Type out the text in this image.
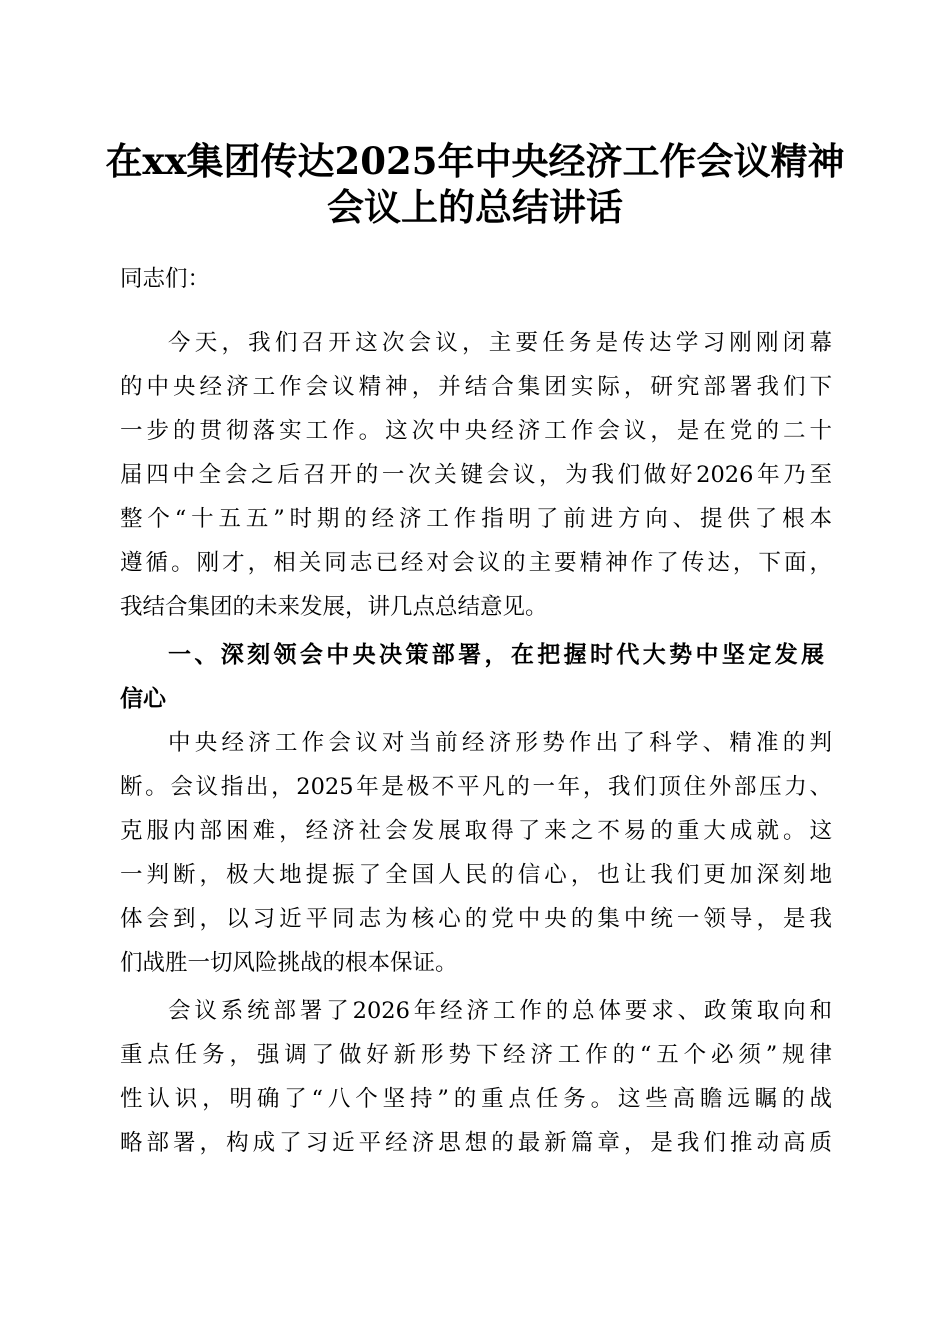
在xx集团传达2025年中央经济工作会议精神
会议上的总结讲话
同志们：
今天，我们召开这次会议，主要任务是传达学习刚刚闭幕
的中央经济工作会议精神，并结合集团实际，研究部署我们下
一步的贯彻落实工作。这次中央经济工作会议，是在党的二十
届四中全会之后召开的一次关键会议，为我们做好2026年乃至
整个“十五五”时期的经济工作指明了前进方向、提供了根本
遵循。刚才，相关同志已经对会议的主要精神作了传达，下面，
我结合集团的未来发展，讲几点总结意见。
一、深刻领会中央决策部署，在把握时代大势中坚定发展
信心
中央经济工作会议对当前经济形势作出了科学、精准的判
断。会议指出，2025年是极不平凡的一年，我们顶住外部压力、
克服内部困难，经济社会发展取得了来之不易的重大成就。这
一判断，极大地提振了全国人民的信心，也让我们更加深刻地
体会到，以习近平同志为核心的党中央的集中统一领导，是我
们战胜一切风险挑战的根本保证。
会议系统部署了2026年经济工作的总体要求、政策取向和
重点任务，强调了做好新形势下经济工作的“五个必须”规律
性认识，明确了“八个坚持”的重点任务。这些高瞻远瞩的战
略部署，构成了习近平经济思想的最新篇章，是我们推动高质
